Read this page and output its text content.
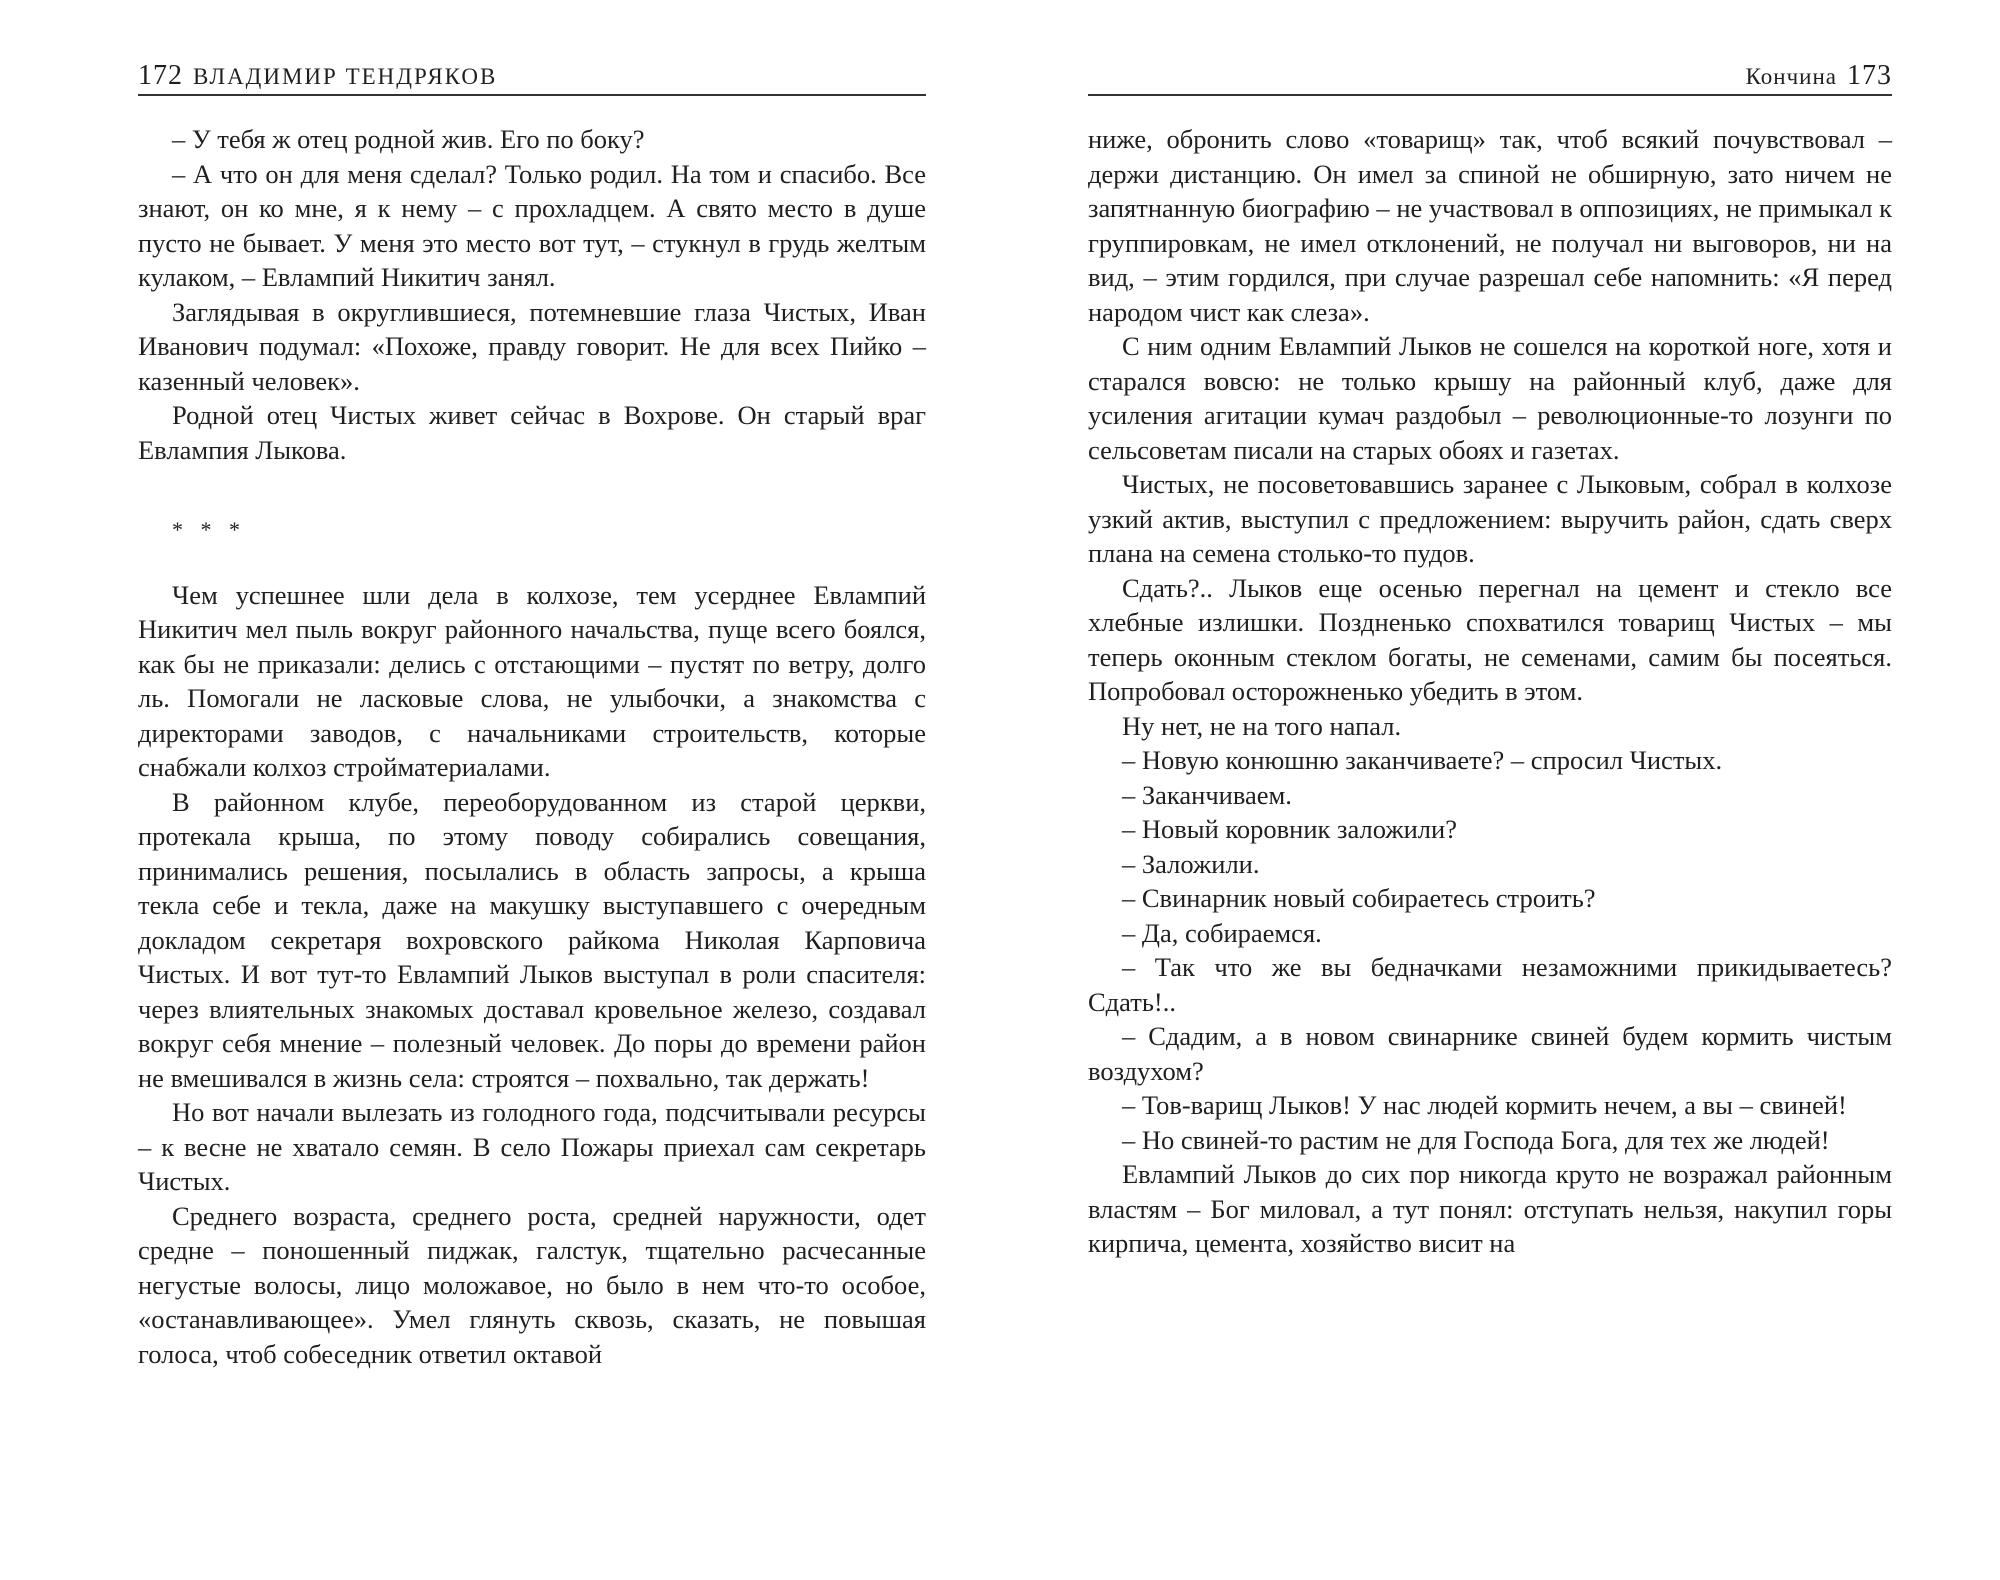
172 ВЛАДИМИР ТЕНДРЯКОВ

– У тебя ж отец родной жив. Его по боку?

– А что он для меня сделал? Только родил. На том и спасибо. Все знают, он ко мне, я к нему – с прохладцем. А свято место в душе пусто не бывает. У меня это место вот тут, – стукнул в грудь желтым кулаком, – Евлампий Никитич занял.

Заглядывая в округлившиеся, потемневшие глаза Чистых, Иван Иванович подумал: «Похоже, правду говорит. Не для всех Пийко – казенный человек».

Родной отец Чистых живет сейчас в Вохрове. Он старый враг Евлампия Лыкова.

* * *

Чем успешнее шли дела в колхозе, тем усерднее Евлампий Никитич мел пыль вокруг районного начальства, пуще всего боялся, как бы не приказали: делись с отстающими – пустят по ветру, долго ль. Помогали не ласковые слова, не улыбочки, а знакомства с директорами заводов, с начальниками строительств, которые снабжали колхоз стройматериалами.

В районном клубе, переоборудованном из старой церкви, протекала крыша, по этому поводу собирались совещания, принимались решения, посылались в область запросы, а крыша текла себе и текла, даже на макушку выступавшего с очередным докладом секретаря вохровского райкома Николая Карповича Чистых. И вот тут-то Евлампий Лыков выступал в роли спасителя: через влиятельных знакомых доставал кровельное железо, создавал вокруг себя мнение – полезный человек. До поры до времени район не вмешивался в жизнь села: строятся – похвально, так держать!

Но вот начали вылезать из голодного года, подсчитывали ресурсы – к весне не хватало семян. В село Пожары приехал сам секретарь Чистых.

Среднего возраста, среднего роста, средней наружности, одет средне – поношенный пиджак, галстук, тщательно расчесанные негустые волосы, лицо моложавое, но было в нем что-то особое, «останавливающее». Умел глянуть сквозь, сказать, не повышая голоса, чтоб собеседник ответил октавой

Кончина 173

ниже, обронить слово «товарищ» так, чтоб всякий почувствовал – держи дистанцию. Он имел за спиной не обширную, зато ничем не запятнанную биографию – не участвовал в оппозициях, не примыкал к группировкам, не имел отклонений, не получал ни выговоров, ни на вид, – этим гордился, при случае разрешал себе напомнить: «Я перед народом чист как слеза».

С ним одним Евлампий Лыков не сошелся на короткой ноге, хотя и старался вовсю: не только крышу на районный клуб, даже для усиления агитации кумач раздобыл – революционные-то лозунги по сельсоветам писали на старых обоях и газетах.

Чистых, не посоветовавшись заранее с Лыковым, собрал в колхозе узкий актив, выступил с предложением: выручить район, сдать сверх плана на семена столько-то пудов.

Сдать?.. Лыков еще осенью перегнал на цемент и стекло все хлебные излишки. Поздненько спохватился товарищ Чистых – мы теперь оконным стеклом богаты, не семенами, самим бы посеяться. Попробовал осторожненько убедить в этом.

Ну нет, не на того напал.

– Новую конюшню заканчиваете? – спросил Чистых.

– Заканчиваем.

– Новый коровник заложили?

– Заложили.

– Свинарник новый собираетесь строить?

– Да, собираемся.

– Так что же вы бедначками незаможними прикидываетесь? Сдать!..

– Сдадим, а в новом свинарнике свиней будем кормить чистым воздухом?

– Тов-варищ Лыков! У нас людей кормить нечем, а вы – свиней!

– Но свиней-то растим не для Господа Бога, для тех же людей!

Евлампий Лыков до сих пор никогда круто не возражал районным властям – Бог миловал, а тут понял: отступать нельзя, накупил горы кирпича, цемента, хозяйство висит на
